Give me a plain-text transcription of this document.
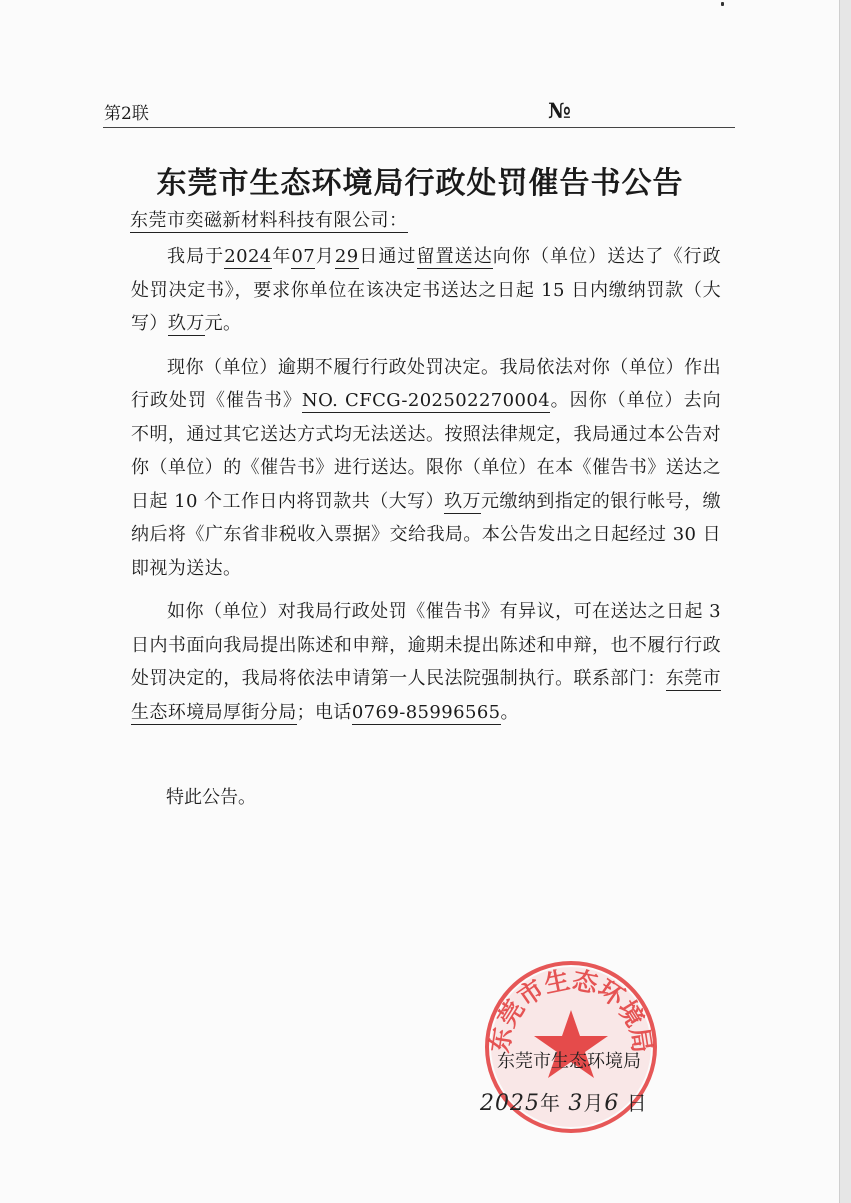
第2联	№
东莞市生态环境局行政处罚催告书公告
东莞市奕磁新材料科技有限公司：

我局于2024年07月29日通过留置送达向你（单位）送达了《行政处罚决定书》，要求你单位在该决定书送达之日起 15 日内缴纳罚款（大写）玖万元。

现你（单位）逾期不履行行政处罚决定。我局依法对你（单位）作出行政处罚《催告书》NO. CFCG-202502270004。因你（单位）去向不明，通过其它送达方式均无法送达。按照法律规定，我局通过本公告对你（单位）的《催告书》进行送达。限你（单位）在本《催告书》送达之日起 10 个工作日内将罚款共（大写）玖万元缴纳到指定的银行帐号，缴纳后将《广东省非税收入票据》交给我局。本公告发出之日起经过 30 日即视为送达。

如你（单位）对我局行政处罚《催告书》有异议，可在送达之日起 3 日内书面向我局提出陈述和申辩，逾期未提出陈述和申辩，也不履行行政处罚决定的，我局将依法申请第一人民法院强制执行。联系部门：东莞市生态环境局厚街分局；电话0769-85996565。

特此公告。
东莞市生态环境局
东莞市生态环境局
2025年 3月6 日
